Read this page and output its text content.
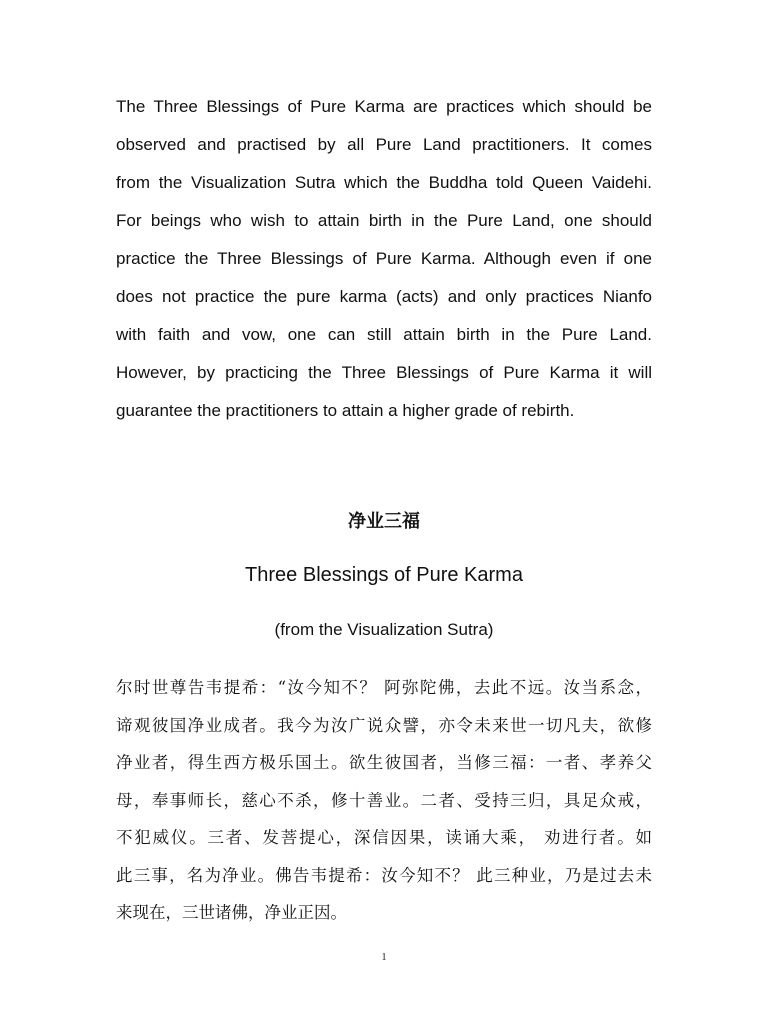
The Three Blessings of Pure Karma are practices which should be
observed and practised by all Pure Land practitioners. It comes
from the Visualization Sutra which the Buddha told Queen Vaidehi.
For beings who wish to attain birth in the Pure Land, one should
practice the Three Blessings of Pure Karma. Although even if one
does not practice the pure karma (acts) and only practices Nianfo
with faith and vow, one can still attain birth in the Pure Land.
However, by practicing the Three Blessings of Pure Karma it will
guarantee the practitioners to attain a higher grade of rebirth.

净业三福
Three Blessings of Pure Karma
(from the Visualization Sutra)

尔时世尊告韦提希：“汝今知不？ 阿弥陀佛，去此不远。汝当系念，
谛观彼国净业成者。我今为汝广说众譬，亦令未来世一切凡夫，欲修
净业者，得生西方极乐国土。欲生彼国者，当修三福：一者、孝养父
母，奉事师长，慈心不杀，修十善业。二者、受持三归，具足众戒，
不犯威仪。三者、发菩提心，深信因果，读诵大乘， 劝进行者。如
此三事，名为净业。佛告韦提希：汝今知不？ 此三种业，乃是过去未
来现在，三世诸佛，净业正因。

1
